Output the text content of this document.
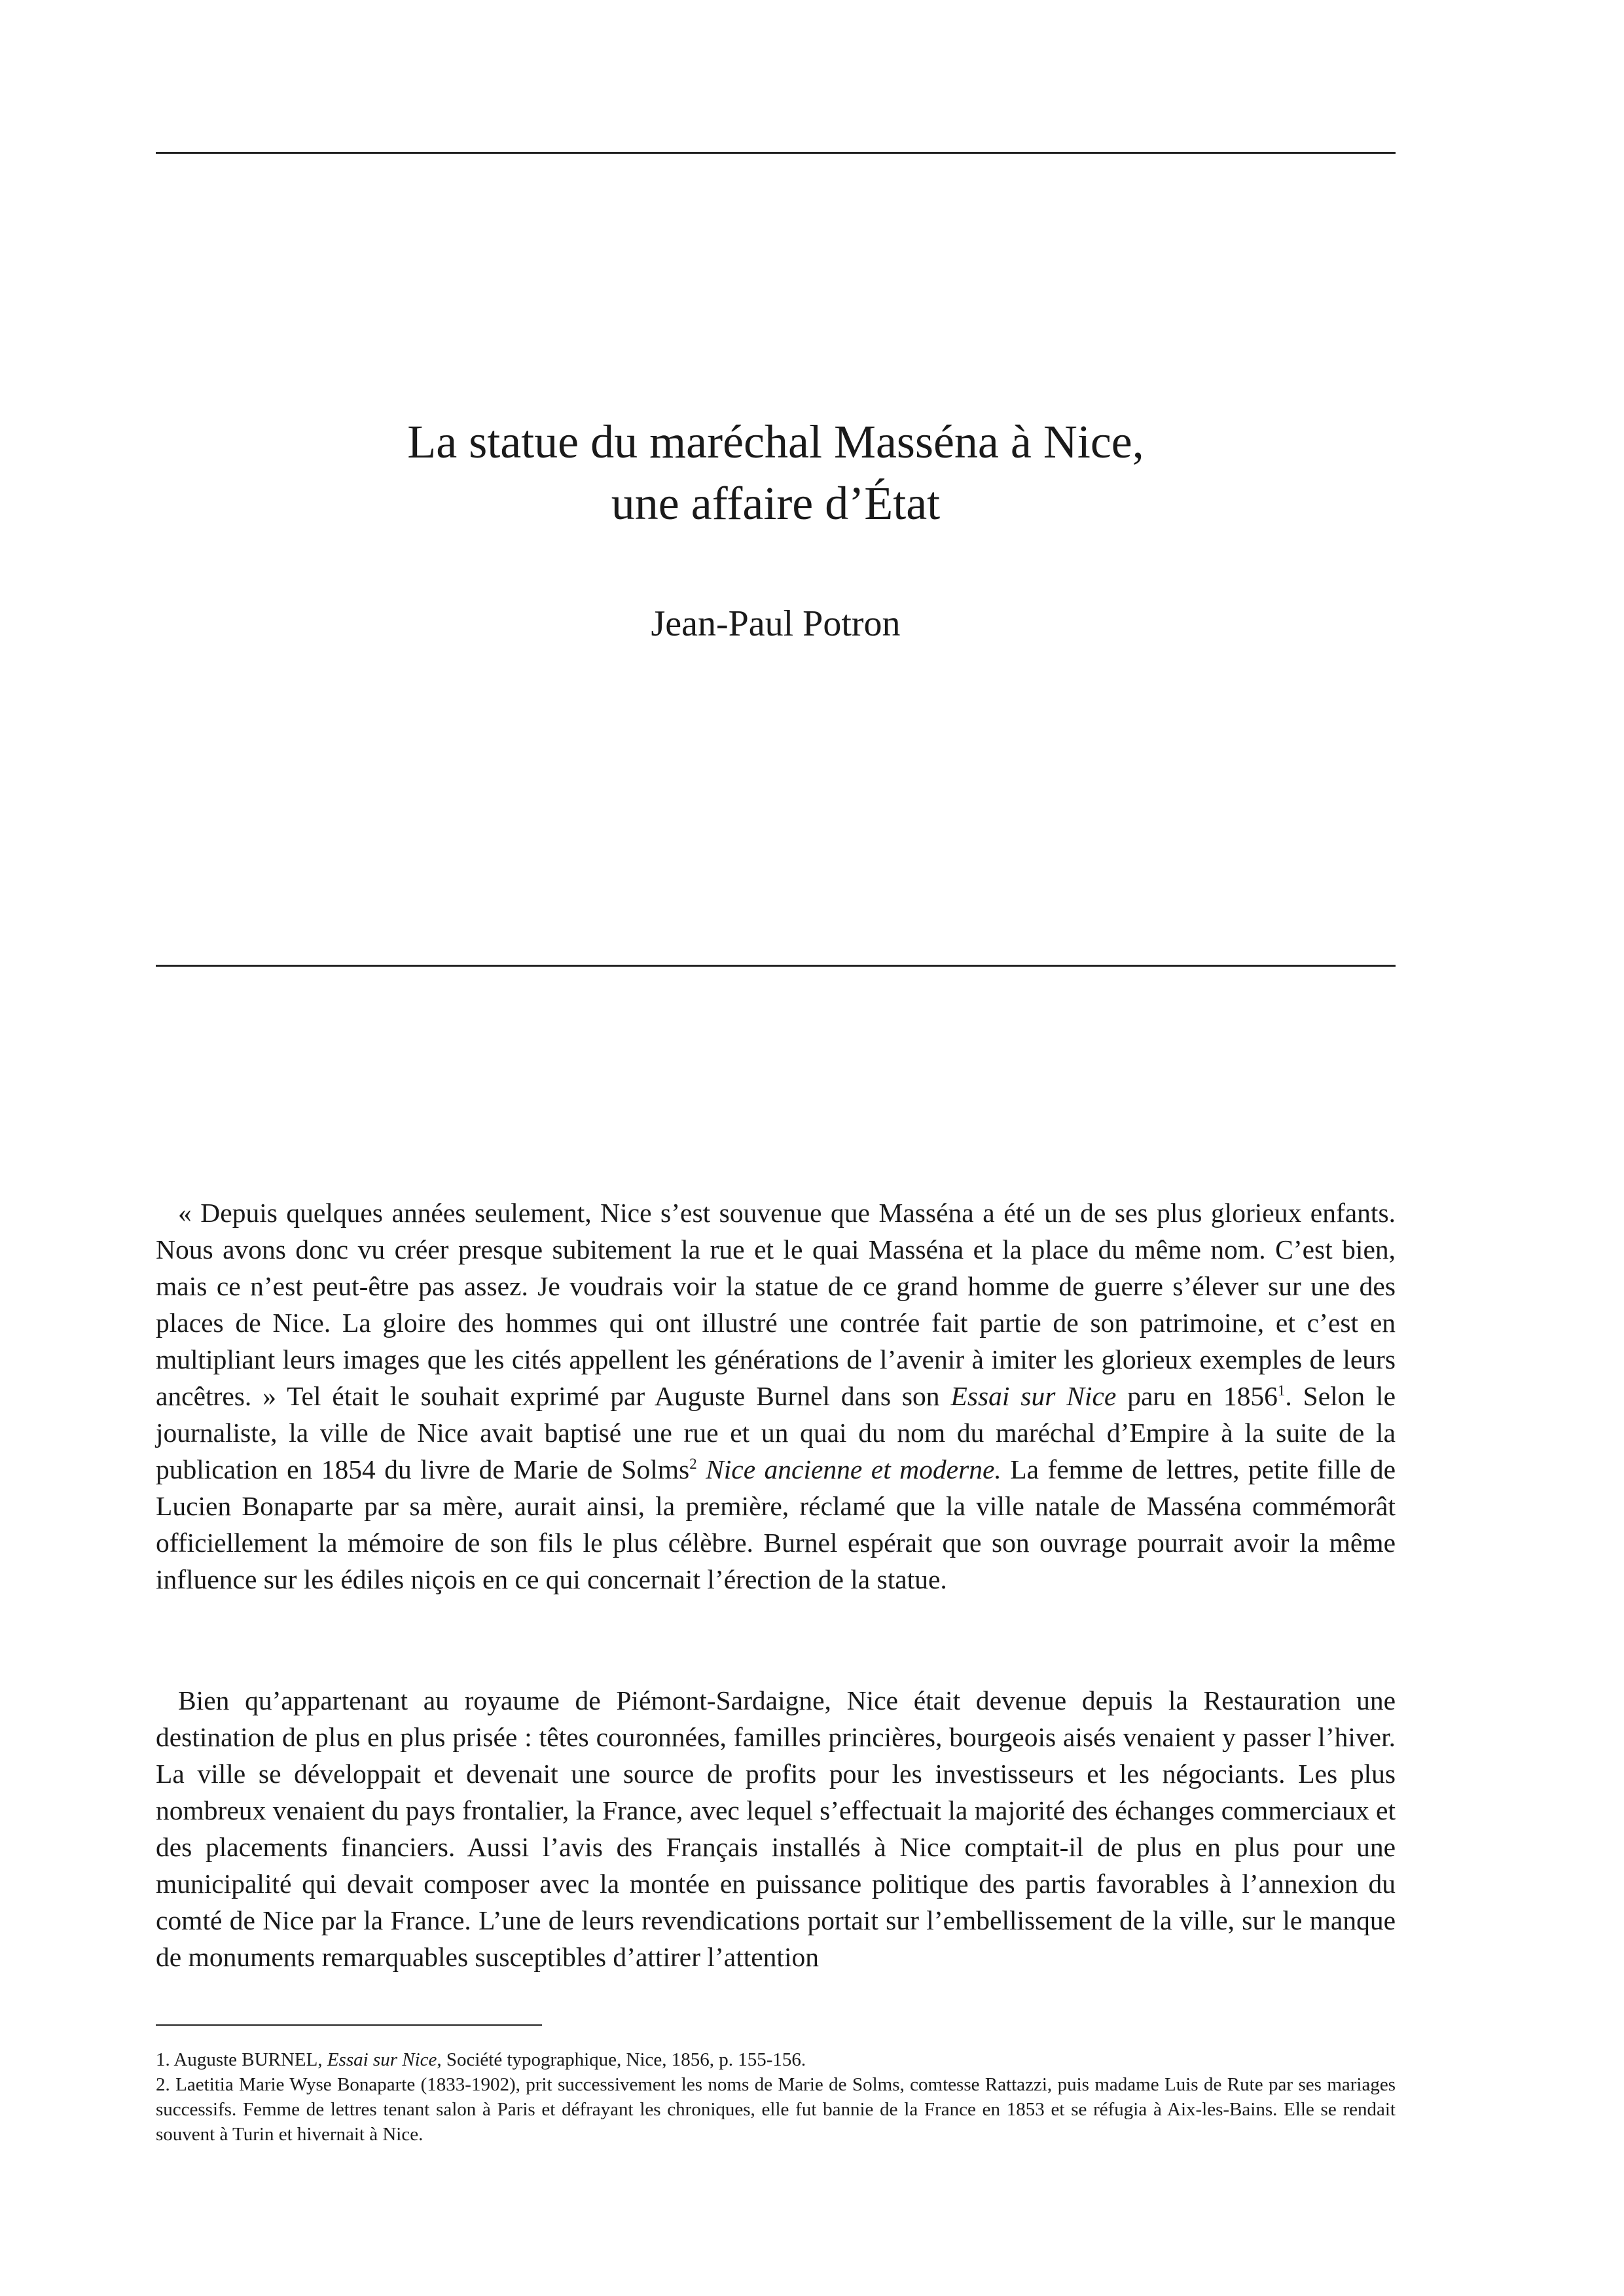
La statue du maréchal Masséna à Nice,
une affaire d’État

Jean-Paul Potron

« Depuis quelques années seulement, Nice s’est souvenue que Masséna a été un de ses plus glorieux enfants. Nous avons donc vu créer presque subitement la rue et le quai Masséna et la place du même nom. C’est bien, mais ce n’est peut-être pas assez. Je voudrais voir la statue de ce grand homme de guerre s’élever sur une des places de Nice. La gloire des hommes qui ont illustré une contrée fait partie de son patrimoine, et c’est en multipliant leurs images que les cités appellent les générations de l’avenir à imiter les glorieux exemples de leurs ancêtres. » Tel était le souhait exprimé par Auguste Burnel dans son Essai sur Nice paru en 1856$^1$. Selon le journaliste, la ville de Nice avait baptisé une rue et un quai du nom du maréchal d’Empire à la suite de la publication en 1854 du livre de Marie de Solms$^2$ Nice ancienne et moderne. La femme de lettres, petite fille de Lucien Bonaparte par sa mère, aurait ainsi, la première, réclamé que la ville natale de Masséna commémorât officiellement la mémoire de son fils le plus célèbre. Burnel espérait que son ouvrage pourrait avoir la même influence sur les édiles niçois en ce qui concernait l’érection de la statue.

Bien qu’appartenant au royaume de Piémont-Sardaigne, Nice était devenue depuis la Restauration une destination de plus en plus prisée : têtes couronnées, familles princières, bourgeois aisés venaient y passer l’hiver. La ville se développait et devenait une source de profits pour les investisseurs et les négociants. Les plus nombreux venaient du pays frontalier, la France, avec lequel s’effectuait la majorité des échanges commerciaux et des placements financiers. Aussi l’avis des Français installés à Nice comptait-il de plus en plus pour une municipalité qui devait composer avec la montée en puissance politique des partis favorables à l’annexion du comté de Nice par la France. L’une de leurs revendications portait sur l’embellissement de la ville, sur le manque de monuments remarquables susceptibles d’attirer l’attention

1. Auguste BURNEL, Essai sur Nice, Société typographique, Nice, 1856, p. 155-156.

2. Laetitia Marie Wyse Bonaparte (1833-1902), prit successivement les noms de Marie de Solms, comtesse Rattazzi, puis madame Luis de Rute par ses mariages successifs. Femme de lettres tenant salon à Paris et défrayant les chroniques, elle fut bannie de la France en 1853 et se réfugia à Aix-les-Bains. Elle se rendait souvent à Turin et hivernait à Nice.
